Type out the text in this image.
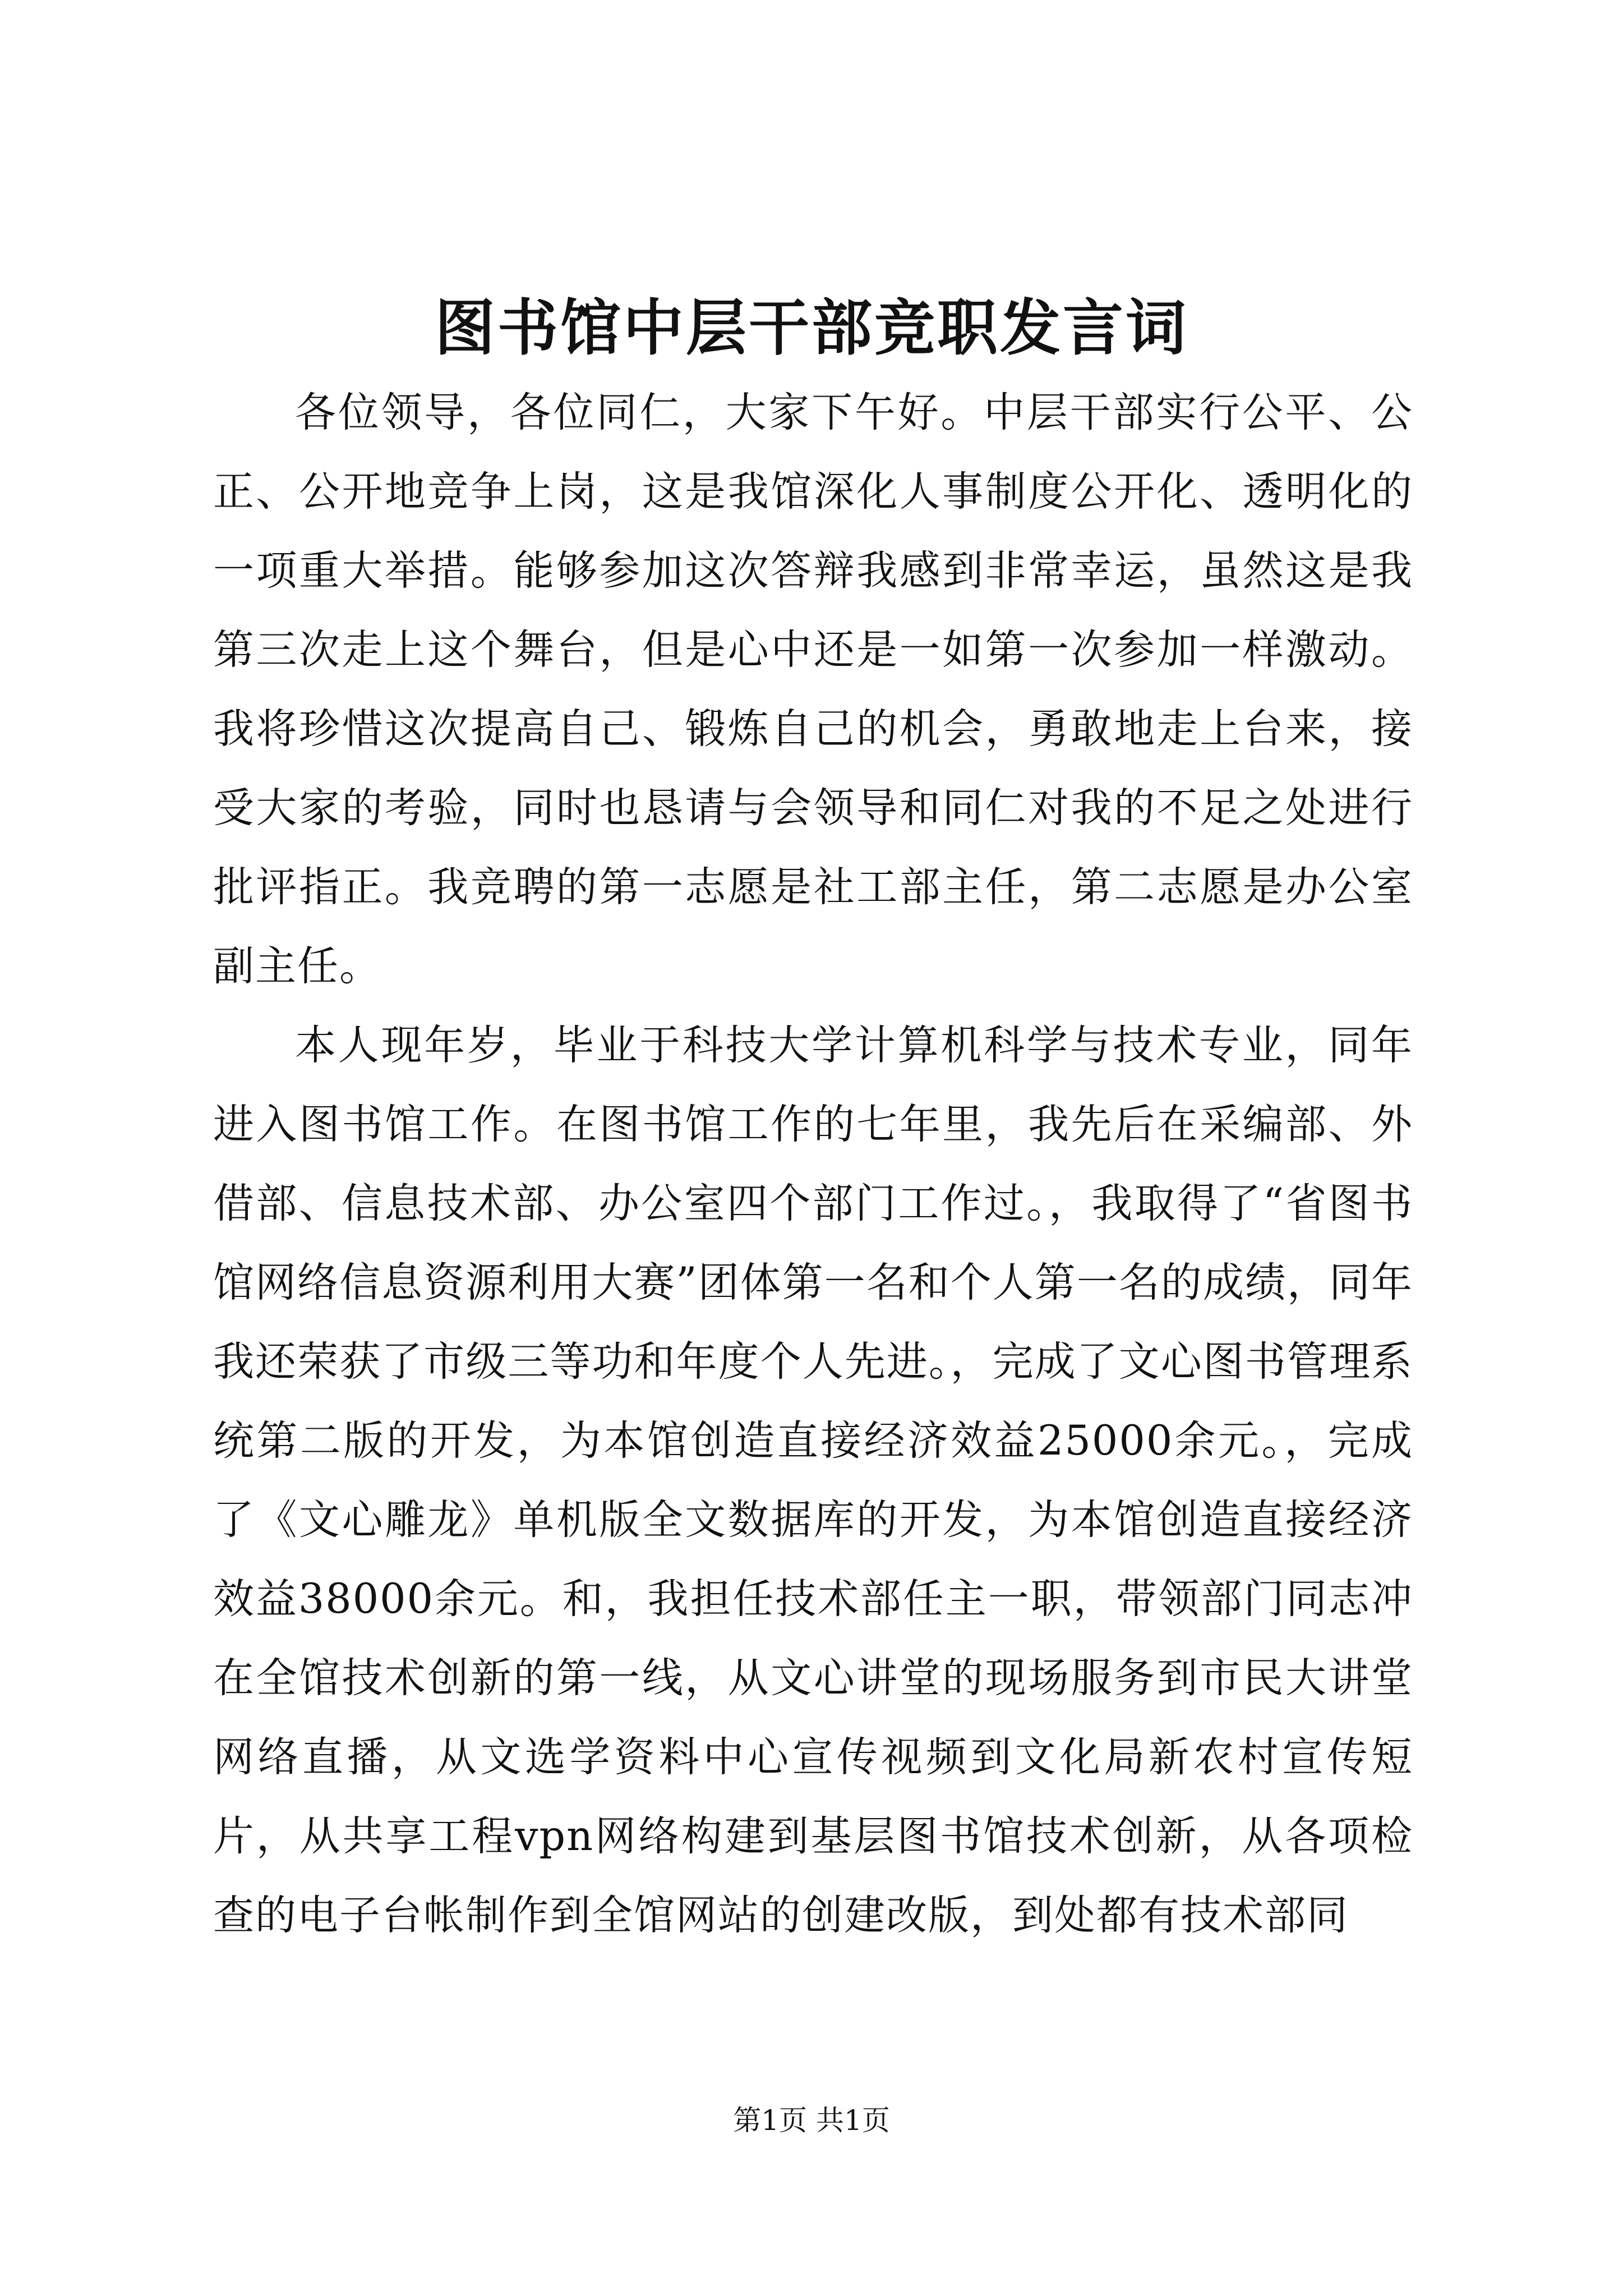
图书馆中层干部竞职发言词

各位领导，各位同仁，大家下午好。中层干部实行公平、公正、公开地竞争上岗，这是我馆深化人事制度公开化、透明化的一项重大举措。能够参加这次答辩我感到非常幸运，虽然这是我第三次走上这个舞台，但是心中还是一如第一次参加一样激动。我将珍惜这次提高自己、锻炼自己的机会，勇敢地走上台来，接受大家的考验，同时也恳请与会领导和同仁对我的不足之处进行批评指正。我竞聘的第一志愿是社工部主任，第二志愿是办公室副主任。

本人现年岁，毕业于科技大学计算机科学与技术专业，同年进入图书馆工作。在图书馆工作的七年里，我先后在采编部、外借部、信息技术部、办公室四个部门工作过。，我取得了“省图书馆网络信息资源利用大赛”团体第一名和个人第一名的成绩，同年我还荣获了市级三等功和年度个人先进。，完成了文心图书管理系统第二版的开发，为本馆创造直接经济效益25000余元。，完成了《文心雕龙》单机版全文数据库的开发，为本馆创造直接经济效益38000余元。和，我担任技术部任主一职，带领部门同志冲在全馆技术创新的第一线，从文心讲堂的现场服务到市民大讲堂网络直播，从文选学资料中心宣传视频到文化局新农村宣传短片，从共享工程vpn网络构建到基层图书馆技术创新，从各项检查的电子台帐制作到全馆网站的创建改版，到处都有技术部同

第1页 共1页
